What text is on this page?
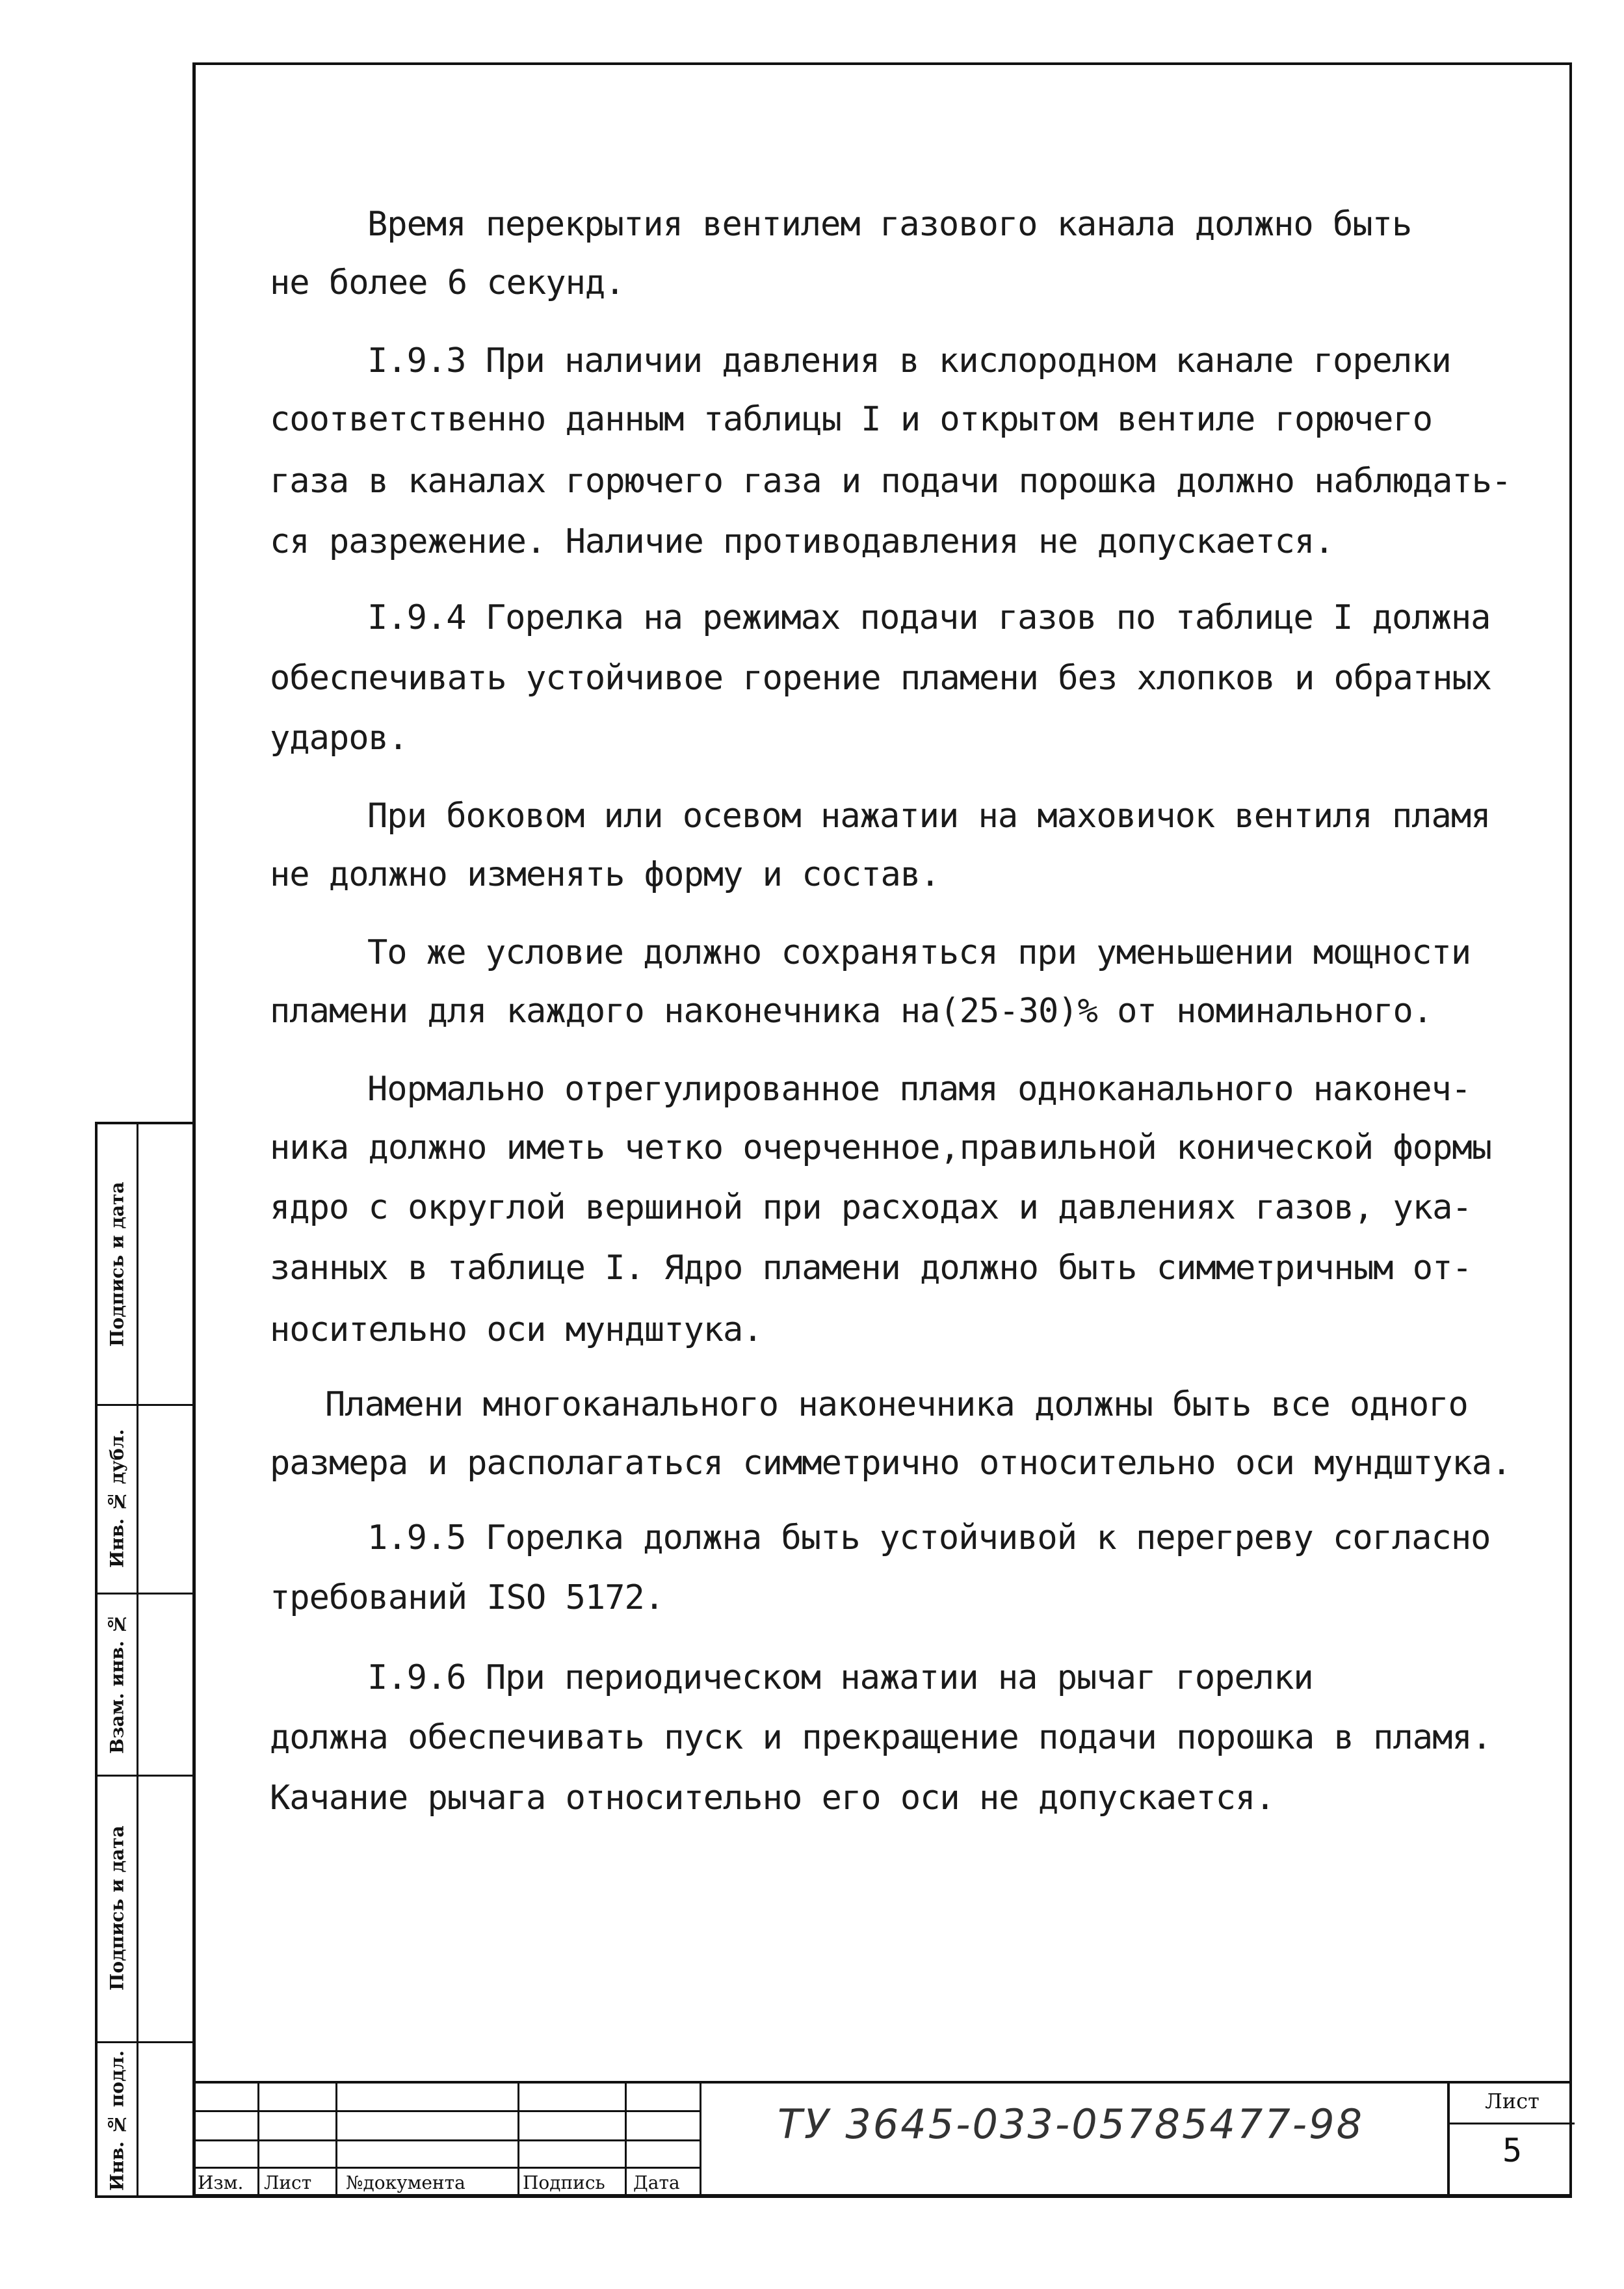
Время перекрытия вентилем газового канала должно быть
не более 6 секунд.
I.9.3 При наличии давления в кислородном канале горелки
соответственно данным таблицы I и открытом вентиле горючего
газа в каналах горючего газа и подачи порошка должно наблюдать-
ся разрежение. Наличие противодавления не допускается.
I.9.4 Горелка на режимах подачи газов по таблице I должна
обеспечивать устойчивое горение пламени без хлопков и обратных
ударов.
При боковом или осевом нажатии на маховичок вентиля пламя
не должно изменять форму и состав.
То же условие должно сохраняться при уменьшении мощности
пламени для каждого наконечника на(25-30)% от номинального.
Нормально отрегулированное пламя одноканального наконеч-
ника должно иметь четко очерченное,правильной конической формы
ядро с округлой вершиной при расходах и давлениях газов, ука-
занных в таблице I. Ядро пламени должно быть симметричным от-
носительно оси мундштука.
Пламени многоканального наконечника должны быть все одного
размера и располагаться симметрично относительно оси мундштука.
1.9.5 Горелка должна быть устойчивой к перегреву согласно
требований ISO 5172.
I.9.6 При периодическом нажатии на рычаг горелки
должна обеспечивать пуск и прекращение подачи порошка в пламя.
Качание рычага относительно его оси не допускается.
Подпись и дата
Инв. № дубл.
Взам. инв. №
Подпись и дата
Инв. № подл.	Изм. Лист №документа	Подпись Дата
ТУ 3645-033-05785477-98	Лист
5
